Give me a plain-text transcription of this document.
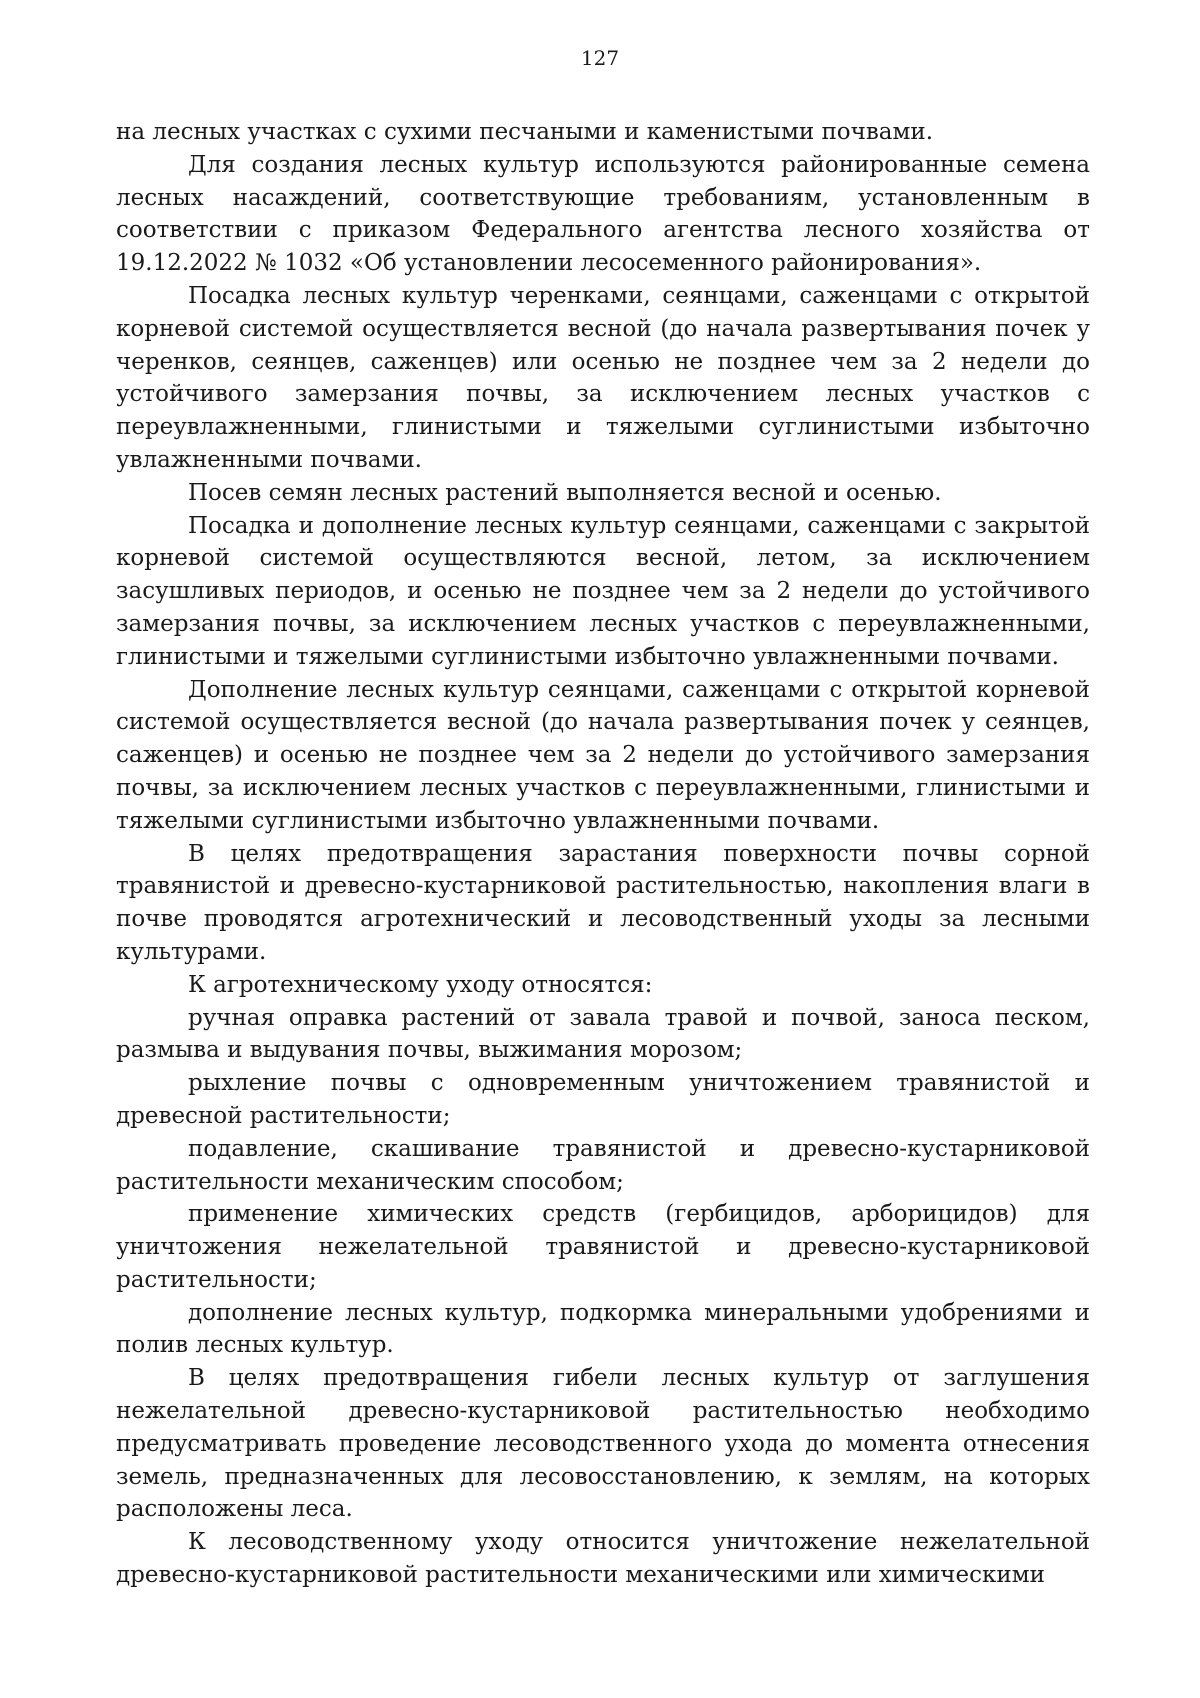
127

на лесных участках с сухими песчаными и каменистыми почвами.

Для создания лесных культур используются районированные семена лесных насаждений, соответствующие требованиям, установленным в соответствии с приказом Федерального агентства лесного хозяйства от 19.12.2022 № 1032 «Об установлении лесосеменного районирования».

Посадка лесных культур черенками, сеянцами, саженцами с открытой корневой системой осуществляется весной (до начала развертывания почек у черенков, сеянцев, саженцев) или осенью не позднее чем за 2 недели до устойчивого замерзания почвы, за исключением лесных участков с переувлажненными, глинистыми и тяжелыми суглинистыми избыточно увлажненными почвами.

Посев семян лесных растений выполняется весной и осенью.

Посадка и дополнение лесных культур сеянцами, саженцами с закрытой корневой системой осуществляются весной, летом, за исключением засушливых периодов, и осенью не позднее чем за 2 недели до устойчивого замерзания почвы, за исключением лесных участков с переувлажненными, глинистыми и тяжелыми суглинистыми избыточно увлажненными почвами.

Дополнение лесных культур сеянцами, саженцами с открытой корневой системой осуществляется весной (до начала развертывания почек у сеянцев, саженцев) и осенью не позднее чем за 2 недели до устойчивого замерзания почвы, за исключением лесных участков с переувлажненными, глинистыми и тяжелыми суглинистыми избыточно увлажненными почвами.

В целях предотвращения зарастания поверхности почвы сорной травянистой и древесно-кустарниковой растительностью, накопления влаги в почве проводятся агротехнический и лесоводственный уходы за лесными культурами.

К агротехническому уходу относятся:

ручная оправка растений от завала травой и почвой, заноса песком, размыва и выдувания почвы, выжимания морозом;

рыхление почвы с одновременным уничтожением травянистой и древесной растительности;

подавление, скашивание травянистой и древесно-кустарниковой растительности механическим способом;

применение химических средств (гербицидов, арборицидов) для уничтожения нежелательной травянистой и древесно-кустарниковой растительности;

дополнение лесных культур, подкормка минеральными удобрениями и полив лесных культур.

В целях предотвращения гибели лесных культур от заглушения нежелательной древесно-кустарниковой растительностью необходимо предусматривать проведение лесоводственного ухода до момента отнесения земель, предназначенных для лесовосстановлению, к землям, на которых расположены леса.

К лесоводственному уходу относится уничтожение нежелательной древесно-кустарниковой растительности механическими или химическими
